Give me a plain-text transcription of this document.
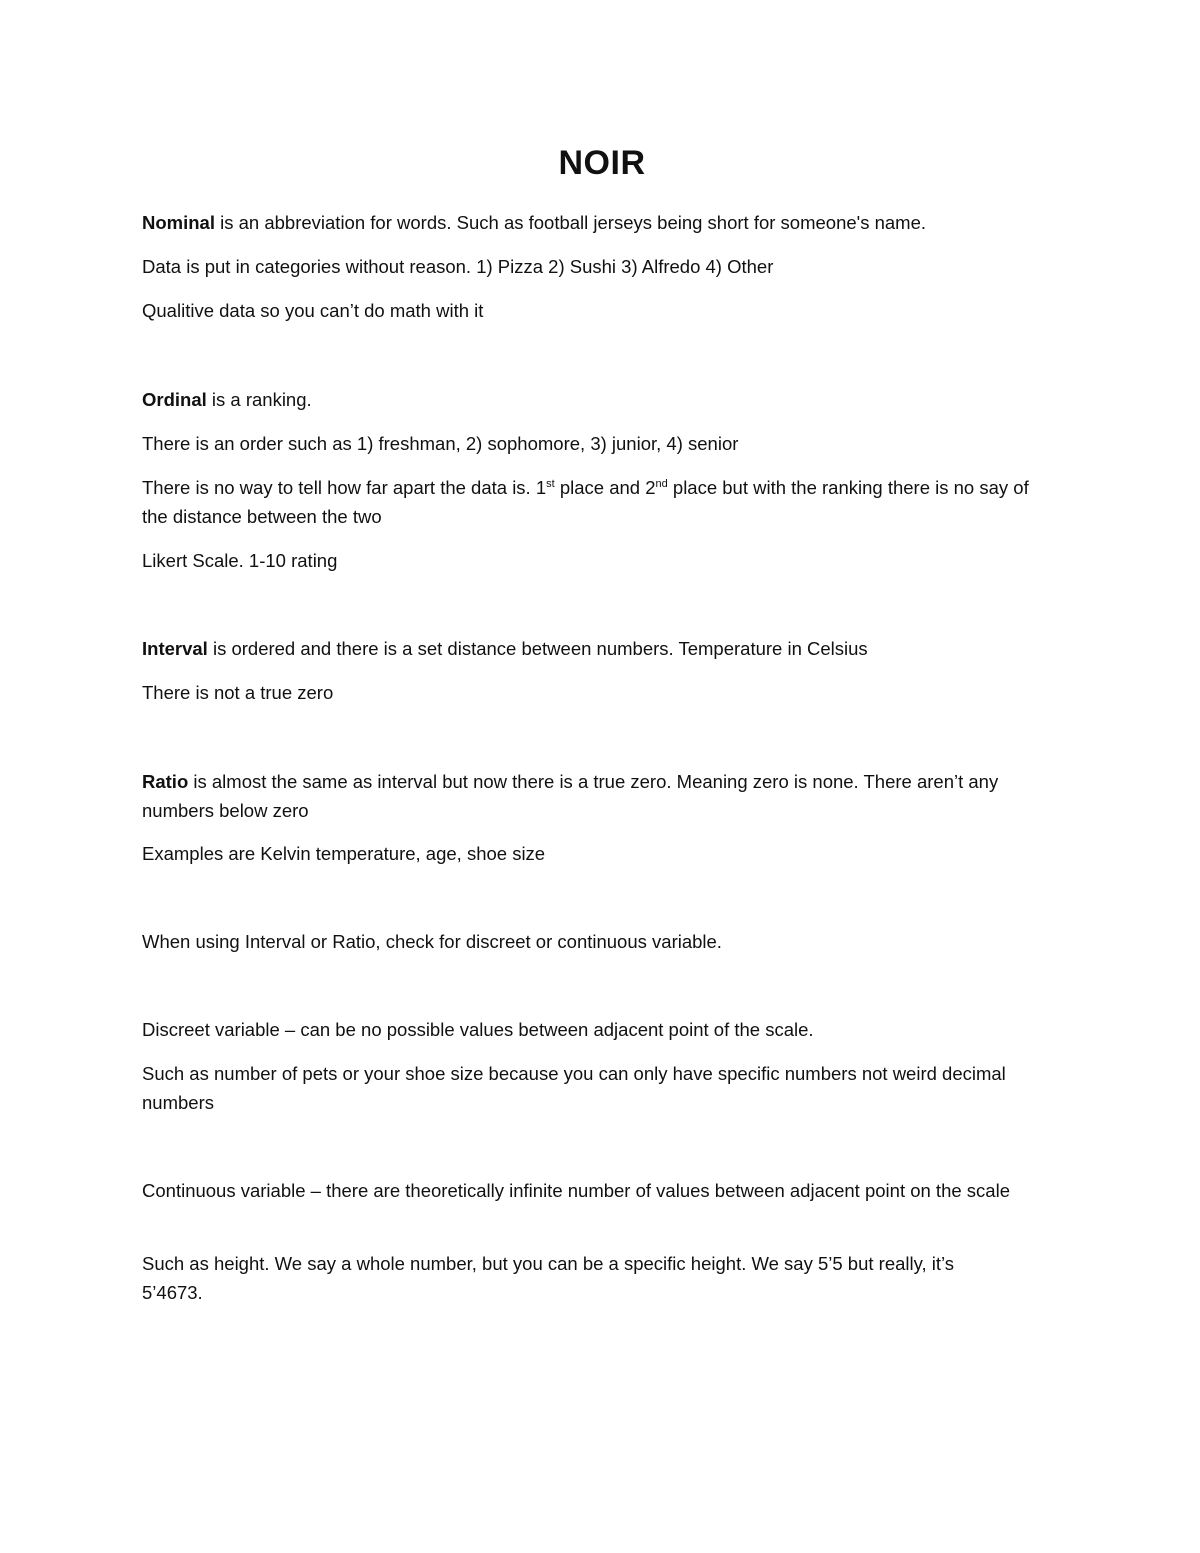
NOIR

Nominal is an abbreviation for words. Such as football jerseys being short for someone's name.

Data is put in categories without reason. 1) Pizza 2) Sushi 3) Alfredo 4) Other

Qualitive data so you can’t do math with it

Ordinal is a ranking.

There is an order such as 1) freshman, 2) sophomore, 3) junior, 4) senior

There is no way to tell how far apart the data is. 1st place and 2nd place but with the ranking there is no say of the distance between the two

Likert Scale. 1-10 rating

Interval is ordered and there is a set distance between numbers. Temperature in Celsius

There is not a true zero

Ratio is almost the same as interval but now there is a true zero. Meaning zero is none. There aren’t any numbers below zero

Examples are Kelvin temperature, age, shoe size

When using Interval or Ratio, check for discreet or continuous variable.

Discreet variable – can be no possible values between adjacent point of the scale.

Such as number of pets or your shoe size because you can only have specific numbers not weird decimal numbers

Continuous variable – there are theoretically infinite number of values between adjacent point on the scale

Such as height. We say a whole number, but you can be a specific height. We say 5’5 but really, it’s 5’4673.
